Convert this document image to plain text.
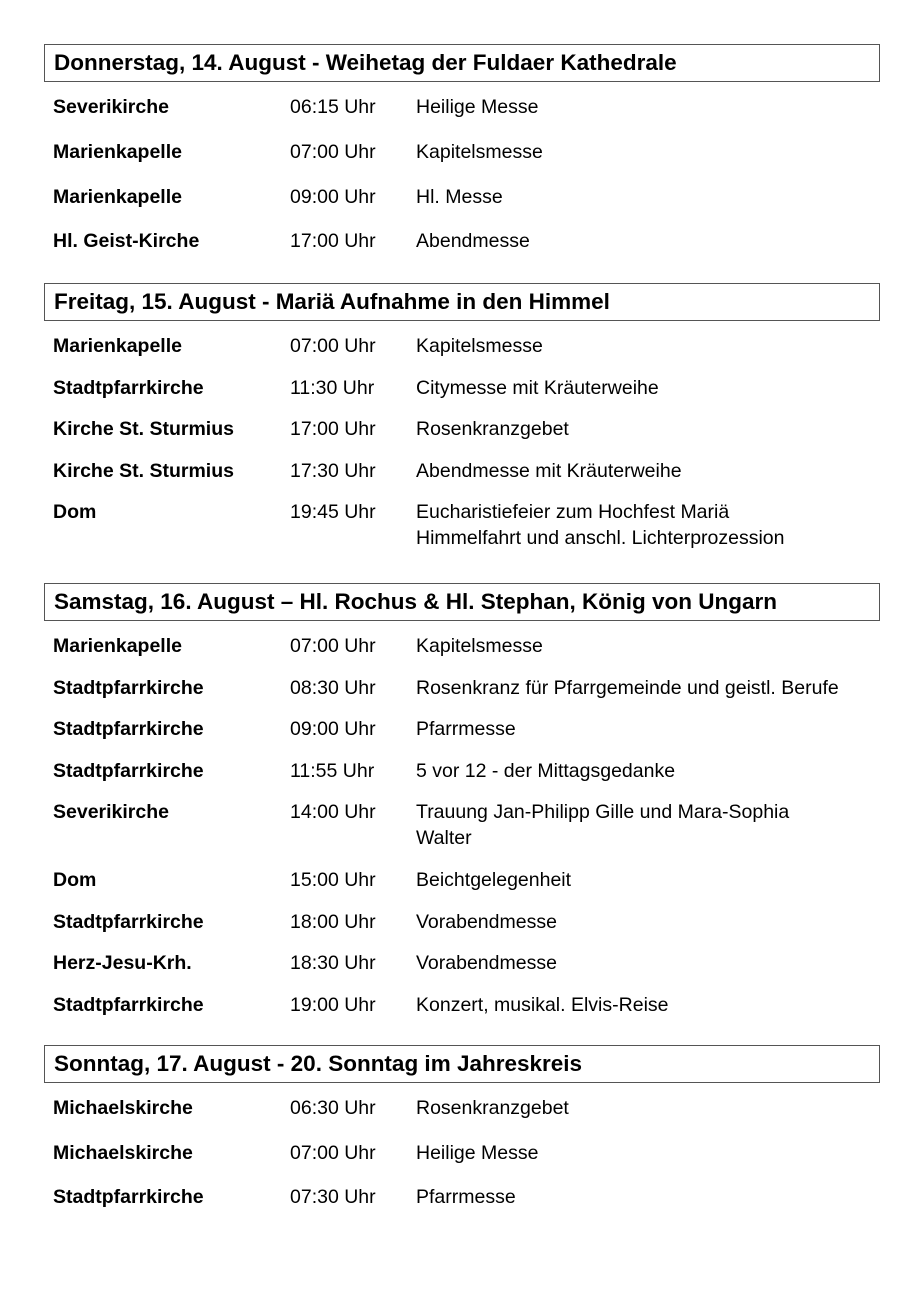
Donnerstag, 14. August - Weihetag der Fuldaer Kathedrale
Severikirche	06:15 Uhr Heilige Messe
Marienkapelle	07:00 Uhr Kapitelsmesse
Marienkapelle	09:00 Uhr Hl. Messe
Hl. Geist-Kirche	17:00 Uhr Abendmesse
Freitag, 15. August - Mariä Aufnahme in den Himmel
Marienkapelle	07:00 Uhr Kapitelsmesse
Stadtpfarrkirche	11:30 Uhr Citymesse mit Kräuterweihe
Kirche St. Sturmius	17:00 Uhr Rosenkranzgebet
Kirche St. Sturmius	17:30 Uhr Abendmesse mit Kräuterweihe
Dom	19:45 Uhr Eucharistiefeier zum Hochfest Mariä
Himmelfahrt und anschl. Lichterprozession
Samstag, 16. August – Hl. Rochus & Hl. Stephan, König von Ungarn
Marienkapelle	07:00 Uhr Kapitelsmesse
Stadtpfarrkirche	08:30 Uhr Rosenkranz für Pfarrgemeinde und geistl. Berufe
Stadtpfarrkirche	09:00 Uhr Pfarrmesse
Stadtpfarrkirche	11:55 Uhr 5 vor 12 - der Mittagsgedanke
Severikirche	14:00 Uhr Trauung Jan-Philipp Gille und Mara-Sophia
Walter
Dom	15:00 Uhr Beichtgelegenheit
Stadtpfarrkirche	18:00 Uhr Vorabendmesse
Herz-Jesu-Krh.	18:30 Uhr Vorabendmesse
Stadtpfarrkirche	19:00 Uhr Konzert, musikal. Elvis-Reise
Sonntag, 17. August - 20. Sonntag im Jahreskreis
Michaelskirche	06:30 Uhr Rosenkranzgebet
Michaelskirche	07:00 Uhr Heilige Messe
Stadtpfarrkirche	07:30 Uhr Pfarrmesse
